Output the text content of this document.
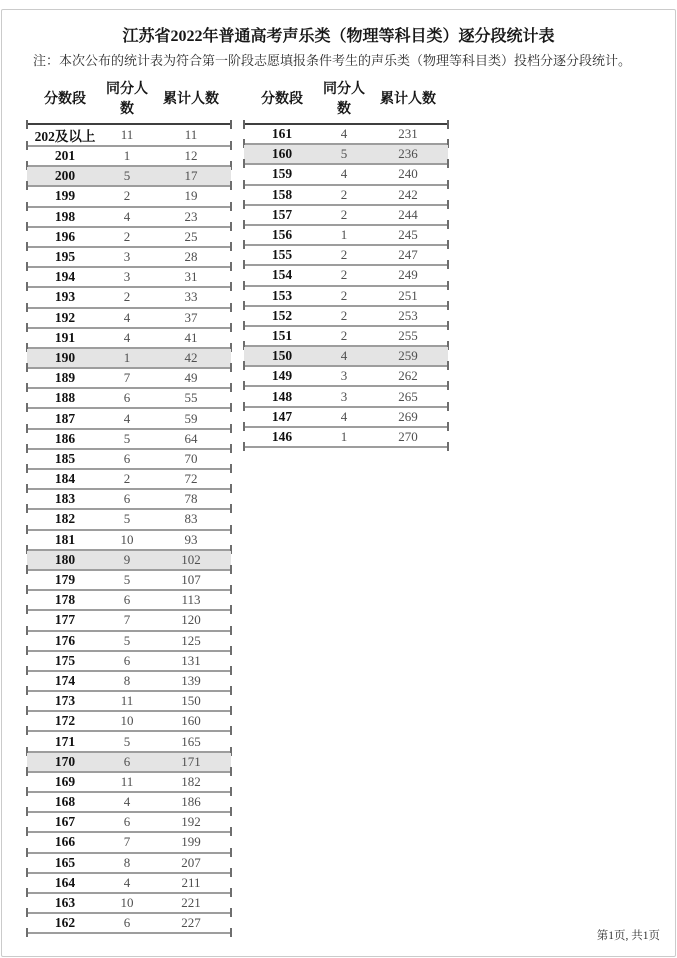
江苏省2022年普通高考声乐类（物理等科目类）逐分段统计表

注：本次公布的统计表为符合第一阶段志愿填报条件考生的声乐类（物理等科目类）投档分逐分段统计。

分数段	同分人数	累计人数
202及以上	11	11
201	1	12
200	5	17
199	2	19
198	4	23
196	2	25
195	3	28
194	3	31
193	2	33
192	4	37
191	4	41
190	1	42
189	7	49
188	6	55
187	4	59
186	5	64
185	6	70
184	2	72
183	6	78
182	5	83
181	10	93
180	9	102
179	5	107
178	6	113
177	7	120
176	5	125
175	6	131
174	8	139
173	11	150
172	10	160
171	5	165
170	6	171
169	11	182
168	4	186
167	6	192
166	7	199
165	8	207
164	4	211
163	10	221
162	6	227
分数段	同分人数	累计人数
161	4	231
160	5	236
159	4	240
158	2	242
157	2	244
156	1	245
155	2	247
154	2	249
153	2	251
152	2	253
151	2	255
150	4	259
149	3	262
148	3	265
147	4	269
146	1	270
第1页, 共1页
